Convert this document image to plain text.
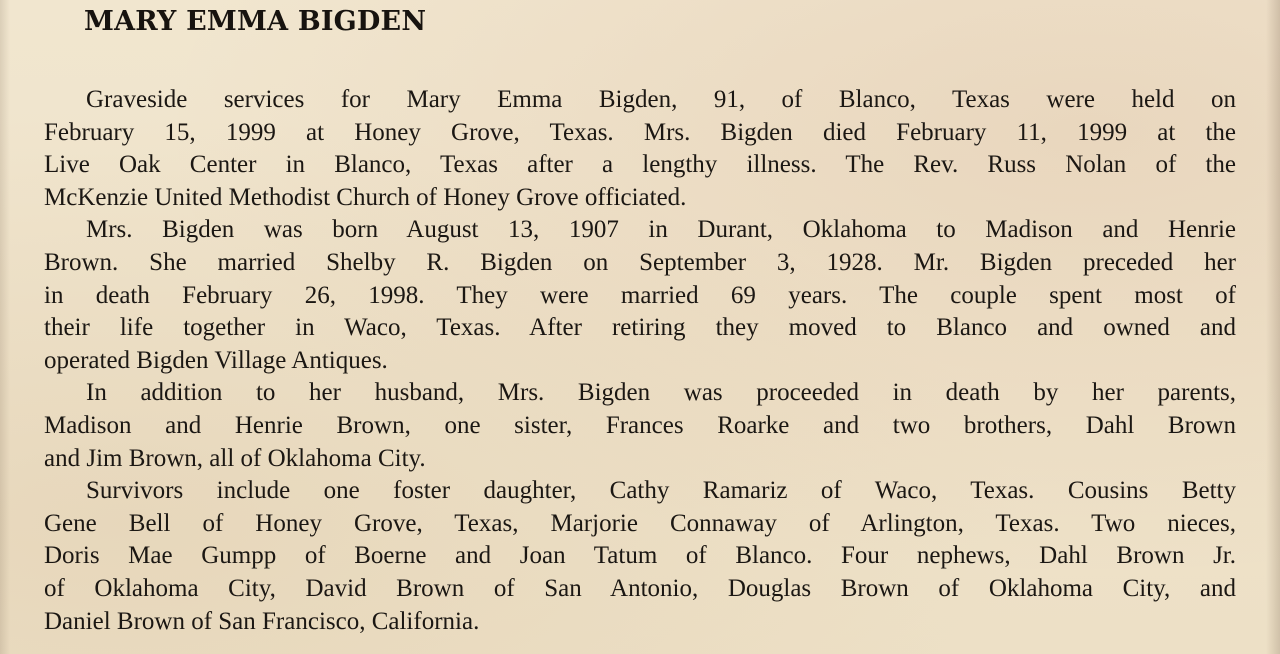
MARY EMMA BIGDEN
Graveside services for Mary Emma Bigden, 91, of Blanco, Texas were held on
February 15, 1999 at Honey Grove, Texas. Mrs. Bigden died February 11, 1999 at the
Live Oak Center in Blanco, Texas after a lengthy illness. The Rev. Russ Nolan of the
McKenzie United Methodist Church of Honey Grove officiated.
Mrs. Bigden was born August 13, 1907 in Durant, Oklahoma to Madison and Henrie
Brown. She married Shelby R. Bigden on September 3, 1928. Mr. Bigden preceded her
in death February 26, 1998. They were married 69 years. The couple spent most of
their life together in Waco, Texas. After retiring they moved to Blanco and owned and
operated Bigden Village Antiques.
In addition to her husband, Mrs. Bigden was proceeded in death by her parents,
Madison and Henrie Brown, one sister, Frances Roarke and two brothers, Dahl Brown
and Jim Brown, all of Oklahoma City.
Survivors include one foster daughter, Cathy Ramariz of Waco, Texas. Cousins Betty
Gene Bell of Honey Grove, Texas, Marjorie Connaway of Arlington, Texas. Two nieces,
Doris Mae Gumpp of Boerne and Joan Tatum of Blanco. Four nephews, Dahl Brown Jr.
of Oklahoma City, David Brown of San Antonio, Douglas Brown of Oklahoma City, and
Daniel Brown of San Francisco, California.
